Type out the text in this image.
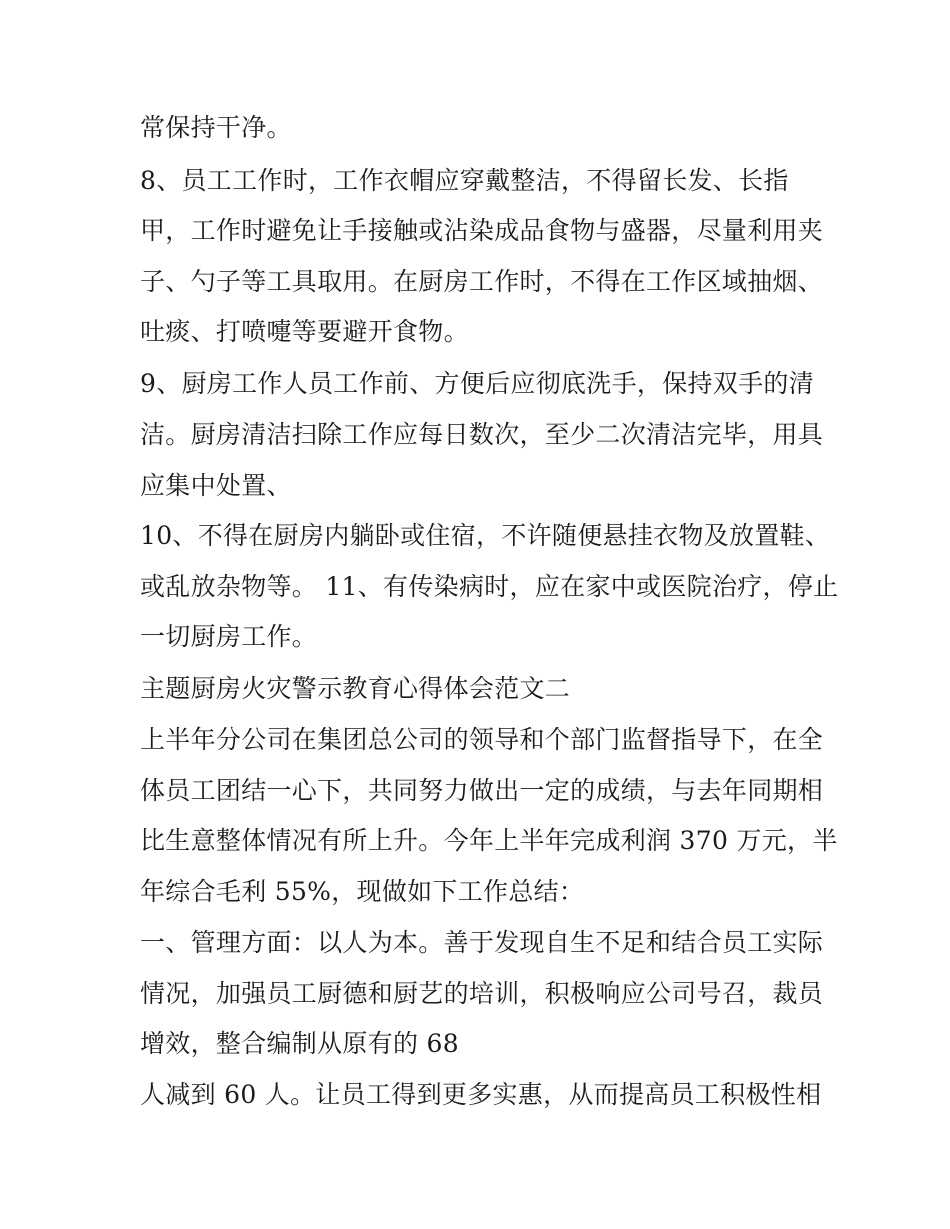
常保持干净。
8、员工工作时，工作衣帽应穿戴整洁，不得留长发、长指
甲，工作时避免让手接触或沾染成品食物与盛器，尽量利用夹
子、勺子等工具取用。在厨房工作时，不得在工作区域抽烟、
吐痰、打喷嚏等要避开食物。
9、厨房工作人员工作前、方便后应彻底洗手，保持双手的清
洁。厨房清洁扫除工作应每日数次，至少二次清洁完毕，用具
应集中处置、
10、不得在厨房内躺卧或住宿，不许随便悬挂衣物及放置鞋、
或乱放杂物等。 11、有传染病时，应在家中或医院治疗，停止
一切厨房工作。
主题厨房火灾警示教育心得体会范文二
上半年分公司在集团总公司的领导和个部门监督指导下，在全
体员工团结一心下，共同努力做出一定的成绩，与去年同期相
比生意整体情况有所上升。今年上半年完成利润 370 万元，半
年综合毛利 55%，现做如下工作总结：
一、管理方面：以人为本。善于发现自生不足和结合员工实际
情况，加强员工厨德和厨艺的培训，积极响应公司号召，裁员
增效，整合编制从原有的 68
人减到 60 人。让员工得到更多实惠，从而提高员工积极性相
